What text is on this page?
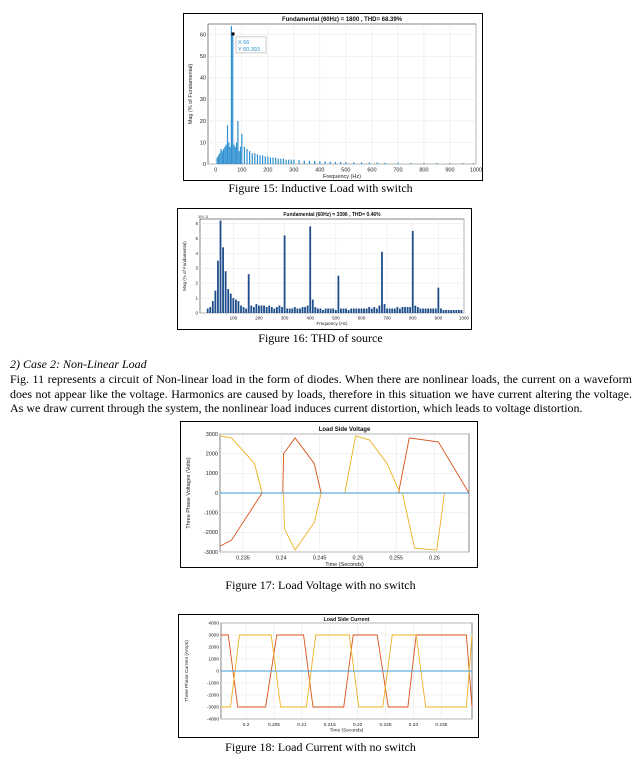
0	100	200	300	400	500	600	700	800	900	1000
0
10
20
30
40
50
60
Fundamental (60Hz) = 1800 , THD= 68.39%
Frequency (Hz)
Mag (% of Fundamental)
X 66
Y 60.393
Figure 15: Inductive Load with switch
100	200	300	400	500	600	700	800	900	1000
0
1
2
3
4
5
6
Fundamental (60Hz) = 3396 , THD= 0.46%
Frequency (Hz)
Mag (% of Fundamental)
10^-3
Figure 16: THD of source
2) Case 2: Non-Linear Load
Fig. 11 represents a circuit of Non-linear load in the form of diodes. When there are nonlinear loads, the current on a waveform does not appear like the voltage. Harmonics are caused by loads, therefore in this situation we have current altering the voltage. As we draw current through the system, the nonlinear load induces current distortion, which leads to voltage distortion.
0.235	0.24	0.245	0.25	0.255	0.26
-3000
-2000
-1000
0
1000
2000
3000
Load Side Voltage
Time (Seconds)
Three Phase Voltages (Volts)
Figure 17: Load Voltage with no switch
0.2	0.205	0.21	0.215	0.22	0.225	0.23	0.235
-4000
-3000
-2000
-1000
0
1000
2000
3000
4000
Load Side Current
Time (Seconds)
Three Phase Current (Amps)
Figure 18: Load Current with no switch
